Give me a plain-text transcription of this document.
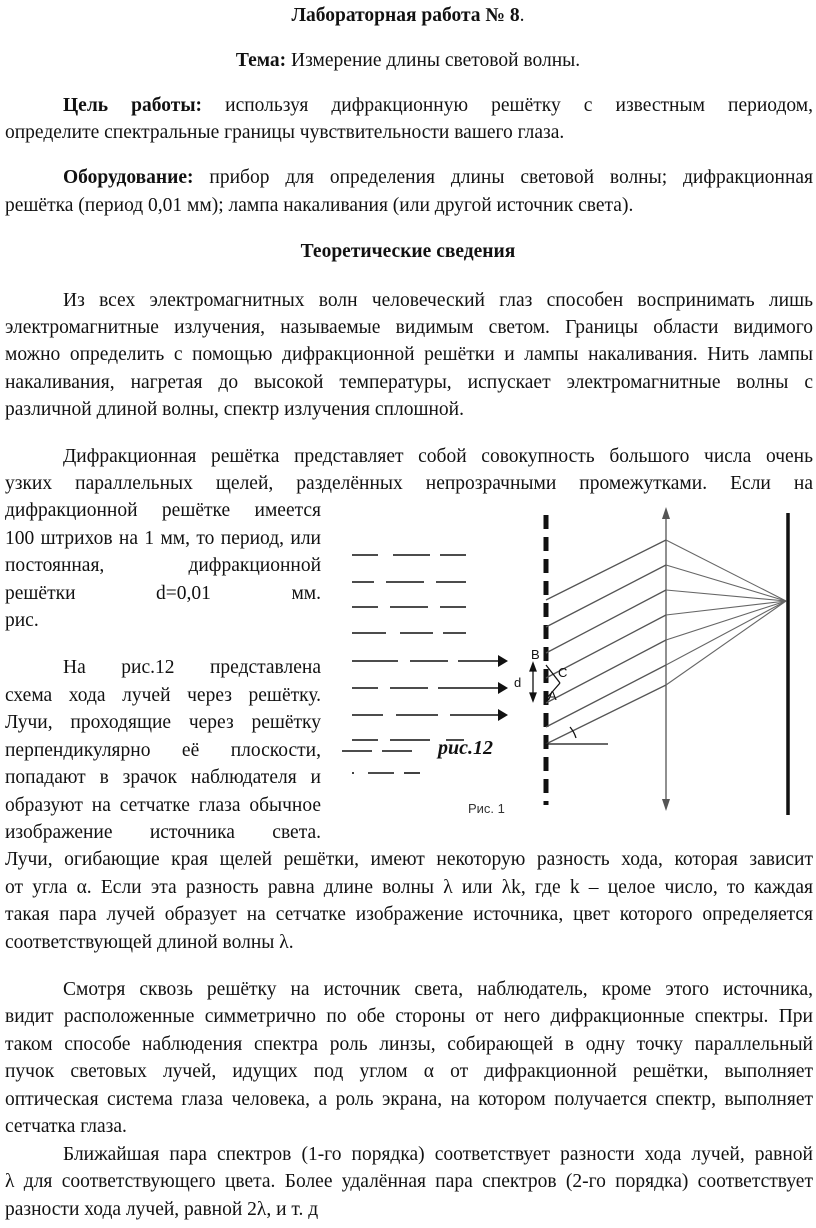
Лабораторная работа № 8.
Тема: Измерение длины световой волны.
Цель работы: используя дифракционную решётку с известным периодом,
определите спектральные границы чувствительности вашего глаза.
Оборудование: прибор для определения длины световой волны; дифракционная
решётка (период 0,01 мм); лампа накаливания (или другой источник света).
Теоретические сведения
Из всех электромагнитных волн человеческий глаз способен воспринимать лишь
электромагнитные излучения, называемые видимым светом. Границы области видимого
можно определить с помощью дифракционной решётки и лампы накаливания. Нить лампы
накаливания, нагретая до высокой температуры, испускает электромагнитные волны с
различной длиной волны, спектр излучения сплошной.
Дифракционная решётка представляет собой совокупность большого числа очень
узких параллельных щелей, разделённых непрозрачными промежутками. Если на
дифракционной решётке имеется
100 штрихов на 1 мм, то период, или
постоянная, дифракционной
решётки d=0,01 мм.
рис.
На рис.12 представлена
схема хода лучей через решётку.
Лучи, проходящие через решётку
перпендикулярно её плоскости,
попадают в зрачок наблюдателя и
образуют на сетчатке глаза обычное
изображение источника света.
Лучи, огибающие края щелей решётки, имеют некоторую разность хода, которая зависит
от угла α. Если эта разность равна длине волны λ или λk, где k – целое число, то каждая
такая пара лучей образует на сетчатке изображение источника, цвет которого определяется
соответствующей длиной волны λ.
Смотря сквозь решётку на источник света, наблюдатель, кроме этого источника,
видит расположенные симметрично по обе стороны от него дифракционные спектры. При
таком способе наблюдения спектра роль линзы, собирающей в одну точку параллельный
пучок световых лучей, идущих под углом α от дифракционной решётки, выполняет
оптическая система глаза человека, а роль экрана, на котором получается спектр, выполняет
сетчатка глаза.
Ближайшая пара спектров (1-го порядка) соответствует разности хода лучей, равной
λ для соответствующего цвета. Более удалённая пара спектров (2-го порядка) соответствует
разности хода лучей, равной 2λ, и т. д
B
C
A
d
рис.12
Рис. 1
